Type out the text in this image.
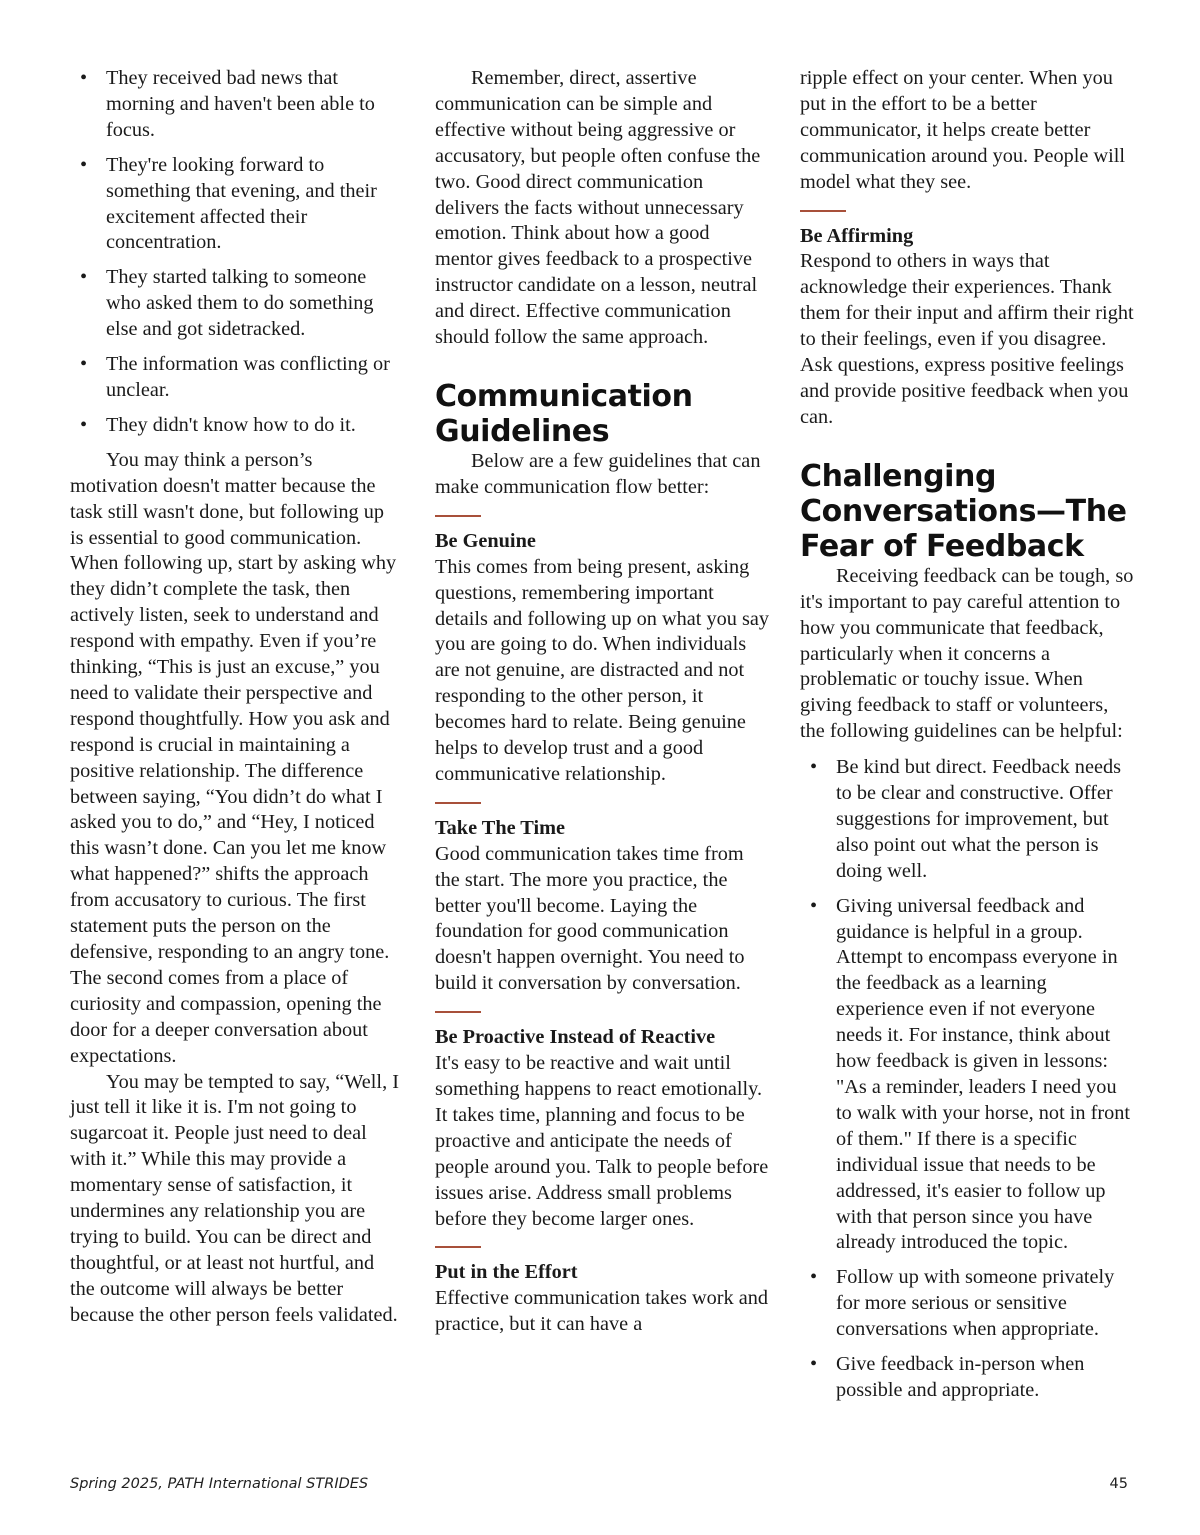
• They received bad news that morning and haven't been able to focus.
• They're looking forward to something that evening, and their excitement affected their concentration.
• They started talking to someone who asked them to do something else and got sidetracked.
• The information was conflicting or unclear.
• They didn't know how to do it.

You may think a person’s motivation doesn't matter because the task still wasn't done, but following up is essential to good communication. When following up, start by asking why they didn’t complete the task, then actively listen, seek to understand and respond with empathy. Even if you’re thinking, “This is just an excuse,” you need to validate their perspective and respond thoughtfully. How you ask and respond is crucial in maintaining a positive relationship. The difference between saying, “You didn’t do what I asked you to do,” and “Hey, I noticed this wasn’t done. Can you let me know what happened?” shifts the approach from accusatory to curious. The first statement puts the person on the defensive, responding to an angry tone. The second comes from a place of curiosity and compassion, opening the door for a deeper conversation about expectations.

You may be tempted to say, “Well, I just tell it like it is. I'm not going to sugarcoat it. People just need to deal with it.” While this may provide a momentary sense of satisfaction, it undermines any relationship you are trying to build. You can be direct and thoughtful, or at least not hurtful, and the outcome will always be better because the other person feels validated.

Remember, direct, assertive communication can be simple and effective without being aggressive or accusatory, but people often confuse the two. Good direct communication delivers the facts without unnecessary emotion. Think about how a good mentor gives feedback to a prospective instructor candidate on a lesson, neutral and direct. Effective communication should follow the same approach.

Communication Guidelines

Below are a few guidelines that can make communication flow better:

Be Genuine

This comes from being present, asking questions, remembering important details and following up on what you say you are going to do. When individuals are not genuine, are distracted and not responding to the other person, it becomes hard to relate. Being genuine helps to develop trust and a good communicative relationship.

Take The Time

Good communication takes time from the start. The more you practice, the better you'll become. Laying the foundation for good communication doesn't happen overnight. You need to build it conversation by conversation.

Be Proactive Instead of Reactive

It's easy to be reactive and wait until something happens to react emotionally. It takes time, planning and focus to be proactive and anticipate the needs of people around you. Talk to people before issues arise. Address small problems before they become larger ones.

Put in the Effort

Effective communication takes work and practice, but it can have a

ripple effect on your center. When you put in the effort to be a better communicator, it helps create better communication around you. People will model what they see.

Be Affirming

Respond to others in ways that acknowledge their experiences. Thank them for their input and affirm their right to their feelings, even if you disagree. Ask questions, express positive feelings and provide positive feedback when you can.

Challenging Conversations—The Fear of Feedback

Receiving feedback can be tough, so it's important to pay careful attention to how you communicate that feedback, particularly when it concerns a problematic or touchy issue. When giving feedback to staff or volunteers, the following guidelines can be helpful:

• Be kind but direct. Feedback needs to be clear and constructive. Offer suggestions for improvement, but also point out what the person is doing well.
• Giving universal feedback and guidance is helpful in a group. Attempt to encompass everyone in the feedback as a learning experience even if not everyone needs it. For instance, think about how feedback is given in lessons: "As a reminder, leaders I need you to walk with your horse, not in front of them." If there is a specific individual issue that needs to be addressed, it's easier to follow up with that person since you have already introduced the topic.
• Follow up with someone privately for more serious or sensitive conversations when appropriate.
• Give feedback in-person when possible and appropriate.
Spring 2025, PATH International STRIDES	45
